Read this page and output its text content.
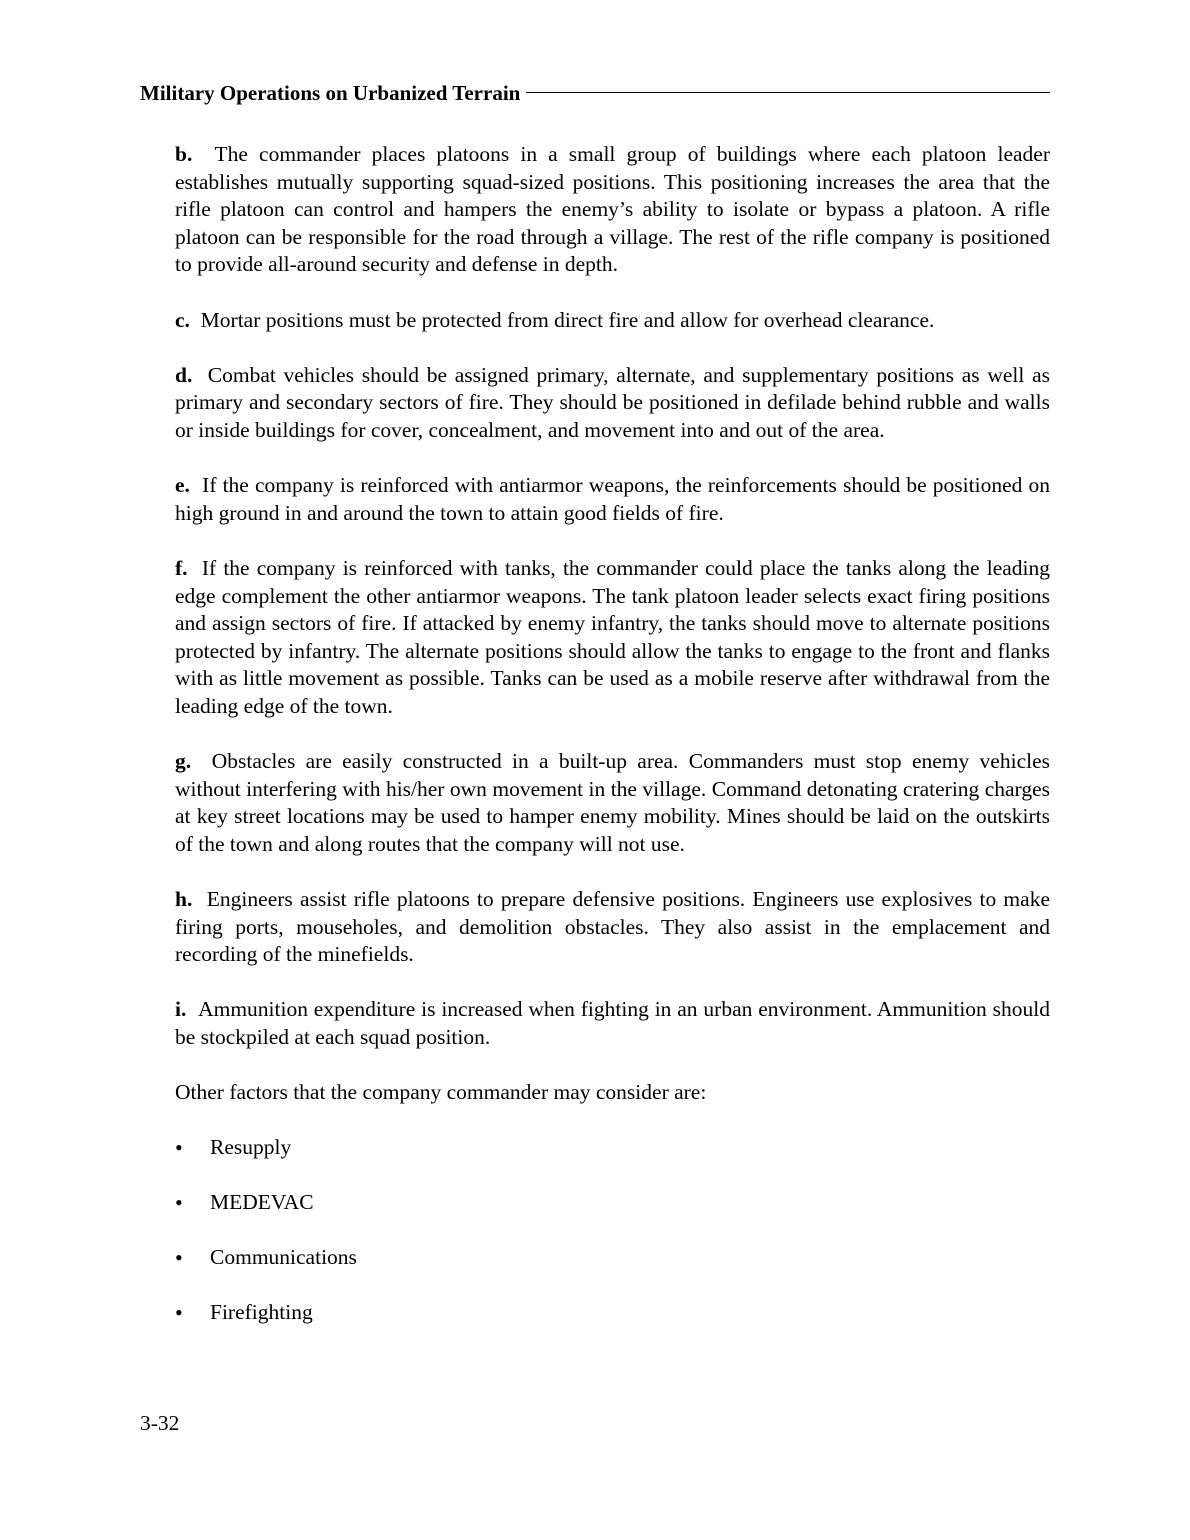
Military Operations on Urbanized Terrain

b. The commander places platoons in a small group of buildings where each platoon leader establishes mutually supporting squad-sized positions. This positioning increases the area that the rifle platoon can control and hampers the enemy’s ability to isolate or bypass a platoon. A rifle platoon can be responsible for the road through a village. The rest of the rifle company is positioned to provide all-around security and defense in depth.

c. Mortar positions must be protected from direct fire and allow for overhead clearance.

d. Combat vehicles should be assigned primary, alternate, and supplementary positions as well as primary and secondary sectors of fire. They should be positioned in defilade behind rubble and walls or inside buildings for cover, concealment, and movement into and out of the area.

e. If the company is reinforced with antiarmor weapons, the reinforcements should be positioned on high ground in and around the town to attain good fields of fire.

f. If the company is reinforced with tanks, the commander could place the tanks along the leading edge complement the other antiarmor weapons. The tank platoon leader selects exact firing positions and assign sectors of fire. If attacked by enemy infantry, the tanks should move to alternate positions protected by infantry. The alternate positions should allow the tanks to engage to the front and flanks with as little movement as possible. Tanks can be used as a mobile reserve after withdrawal from the leading edge of the town.

g. Obstacles are easily constructed in a built-up area. Commanders must stop enemy vehicles without interfering with his/her own movement in the village. Command detonating cratering charges at key street locations may be used to hamper enemy mobility. Mines should be laid on the outskirts of the town and along routes that the company will not use.

h. Engineers assist rifle platoons to prepare defensive positions. Engineers use explosives to make firing ports, mouseholes, and demolition obstacles. They also assist in the emplacement and recording of the minefields.

i. Ammunition expenditure is increased when fighting in an urban environment. Ammunition should be stockpiled at each squad position.

Other factors that the company commander may consider are:

•	Resupply
•	MEDEVAC
•	Communications
•	Firefighting
3-32
